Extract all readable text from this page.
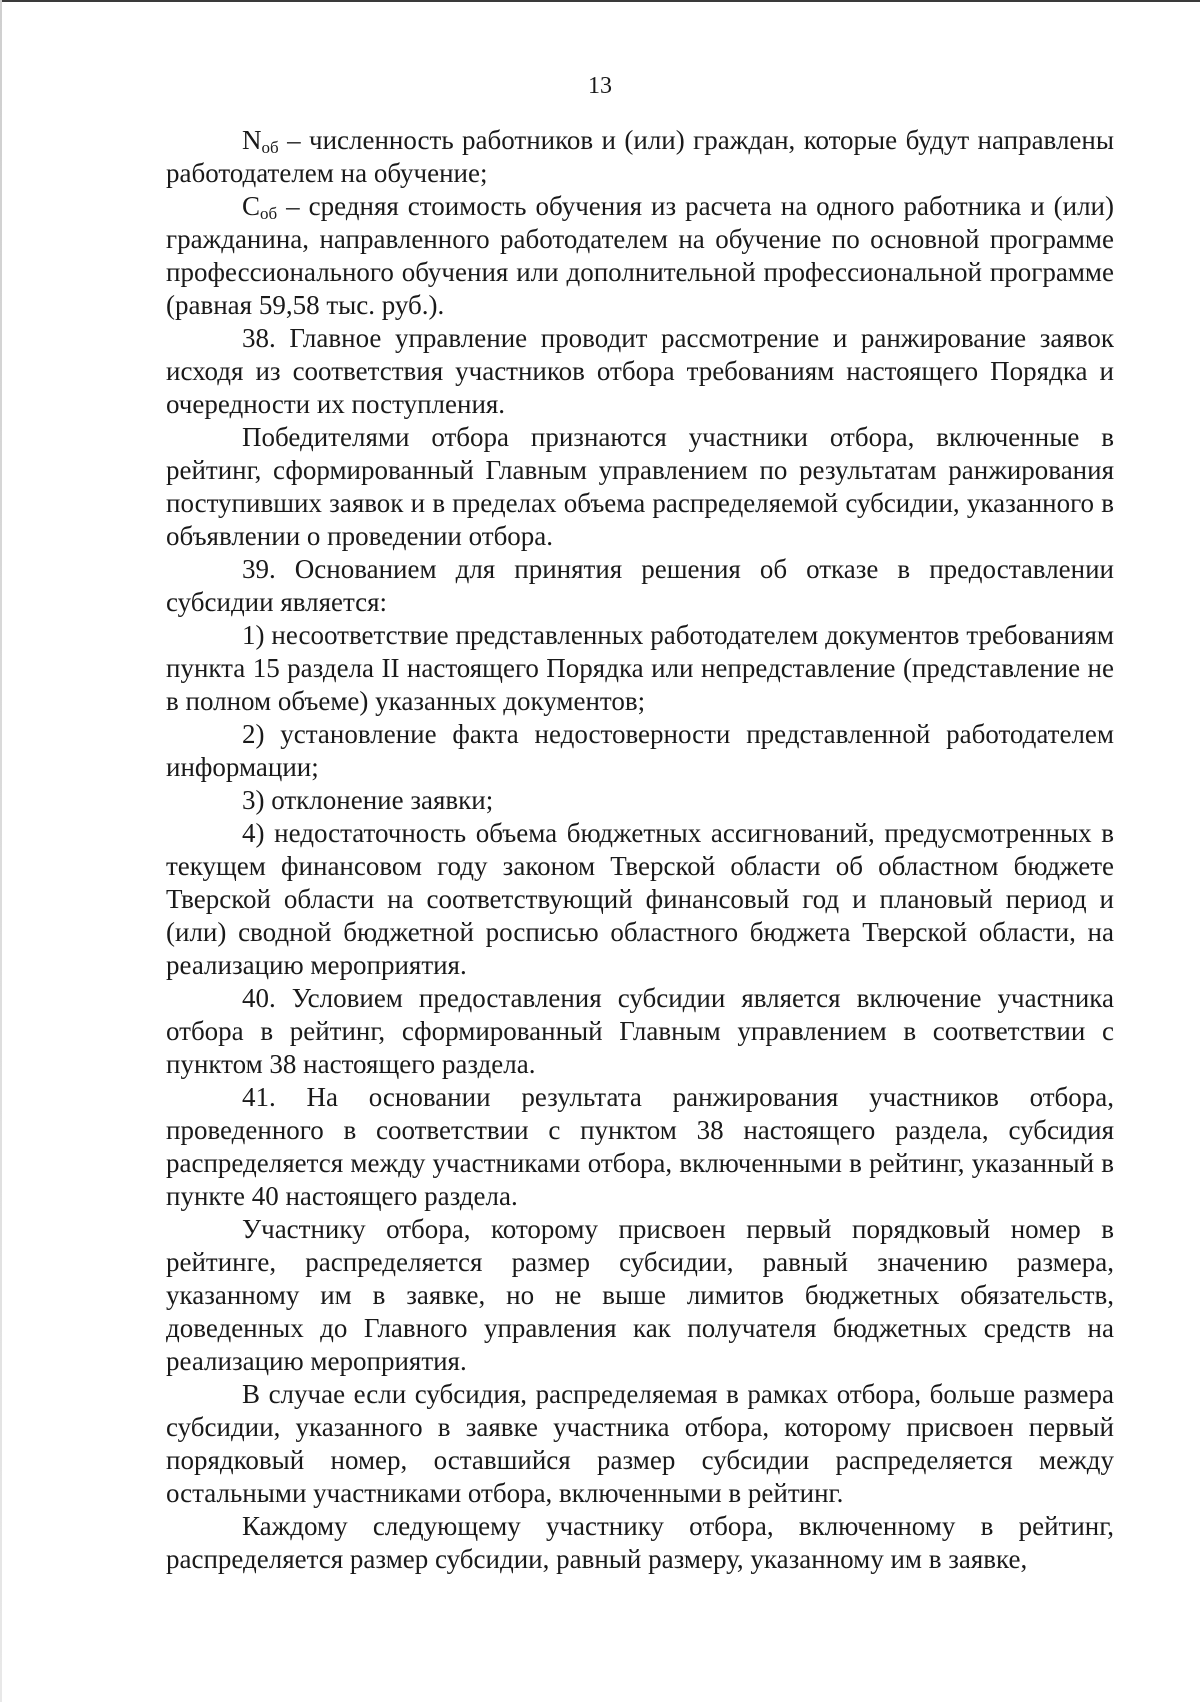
13

$N_{об}$ – численность работников и (или) граждан, которые будут направлены работодателем на обучение;

$С_{об}$ – средняя стоимость обучения из расчета на одного работника и (или) гражданина, направленного работодателем на обучение по основной программе профессионального обучения или дополнительной профессиональной программе (равная 59,58 тыс. руб.).

38. Главное управление проводит рассмотрение и ранжирование заявок исходя из соответствия участников отбора требованиям настоящего Порядка и очередности их поступления.

Победителями отбора признаются участники отбора, включенные в рейтинг, сформированный Главным управлением по результатам ранжирования поступивших заявок и в пределах объема распределяемой субсидии, указанного в объявлении о проведении отбора.

39. Основанием для принятия решения об отказе в предоставлении субсидии является:

1) несоответствие представленных работодателем документов требованиям пункта 15 раздела II настоящего Порядка или непредставление (представление не в полном объеме) указанных документов;

2) установление факта недостоверности представленной работодателем информации;

3) отклонение заявки;

4) недостаточность объема бюджетных ассигнований, предусмотренных в текущем финансовом году законом Тверской области об областном бюджете Тверской области на соответствующий финансовый год и плановый период и (или) сводной бюджетной росписью областного бюджета Тверской области, на реализацию мероприятия.

40. Условием предоставления субсидии является включение участника отбора в рейтинг, сформированный Главным управлением в соответствии с пунктом 38 настоящего раздела.

41. На основании результата ранжирования участников отбора, проведенного в соответствии с пунктом 38 настоящего раздела, субсидия распределяется между участниками отбора, включенными в рейтинг, указанный в пункте 40 настоящего раздела.

Участнику отбора, которому присвоен первый порядковый номер в рейтинге, распределяется размер субсидии, равный значению размера, указанному им в заявке, но не выше лимитов бюджетных обязательств, доведенных до Главного управления как получателя бюджетных средств на реализацию мероприятия.

В случае если субсидия, распределяемая в рамках отбора, больше размера субсидии, указанного в заявке участника отбора, которому присвоен первый порядковый номер, оставшийся размер субсидии распределяется между остальными участниками отбора, включенными в рейтинг.

Каждому следующему участнику отбора, включенному в рейтинг, распределяется размер субсидии, равный размеру, указанному им в заявке,
